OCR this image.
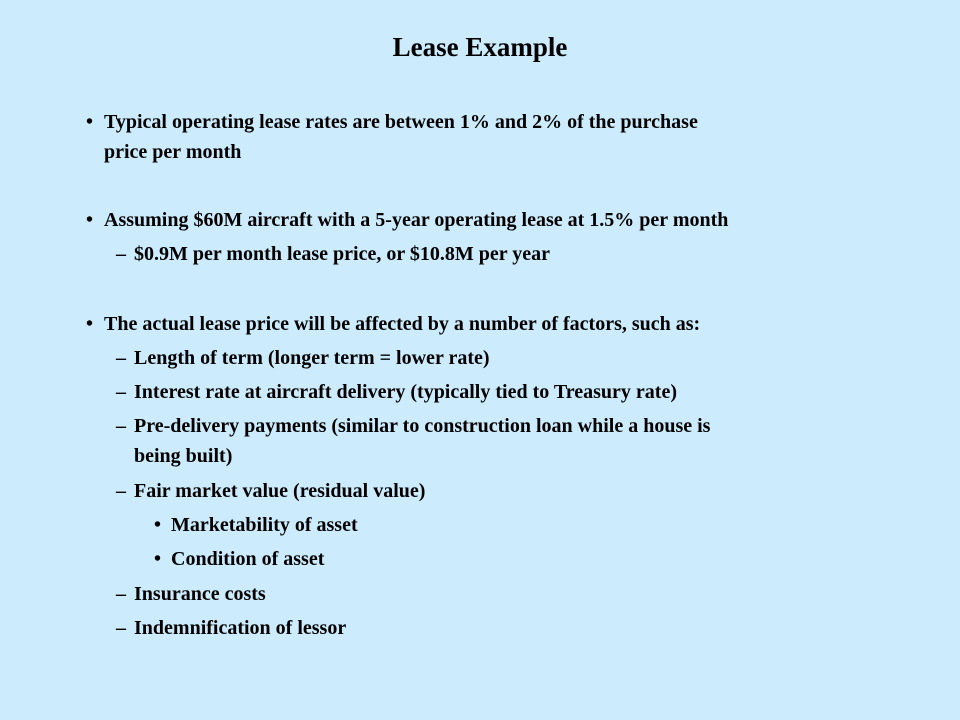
Lease Example
• Typical operating lease rates are between 1% and 2% of the purchase
price per month
• Assuming $60M aircraft with a 5-year operating lease at 1.5% per month
– $0.9M per month lease price, or $10.8M per year
• The actual lease price will be affected by a number of factors, such as:
– Length of term (longer term = lower rate)
– Interest rate at aircraft delivery (typically tied to Treasury rate)
– Pre-delivery payments (similar to construction loan while a house is
being built)
– Fair market value (residual value)
• Marketability of asset
• Condition of asset
– Insurance costs
– Indemnification of lessor
